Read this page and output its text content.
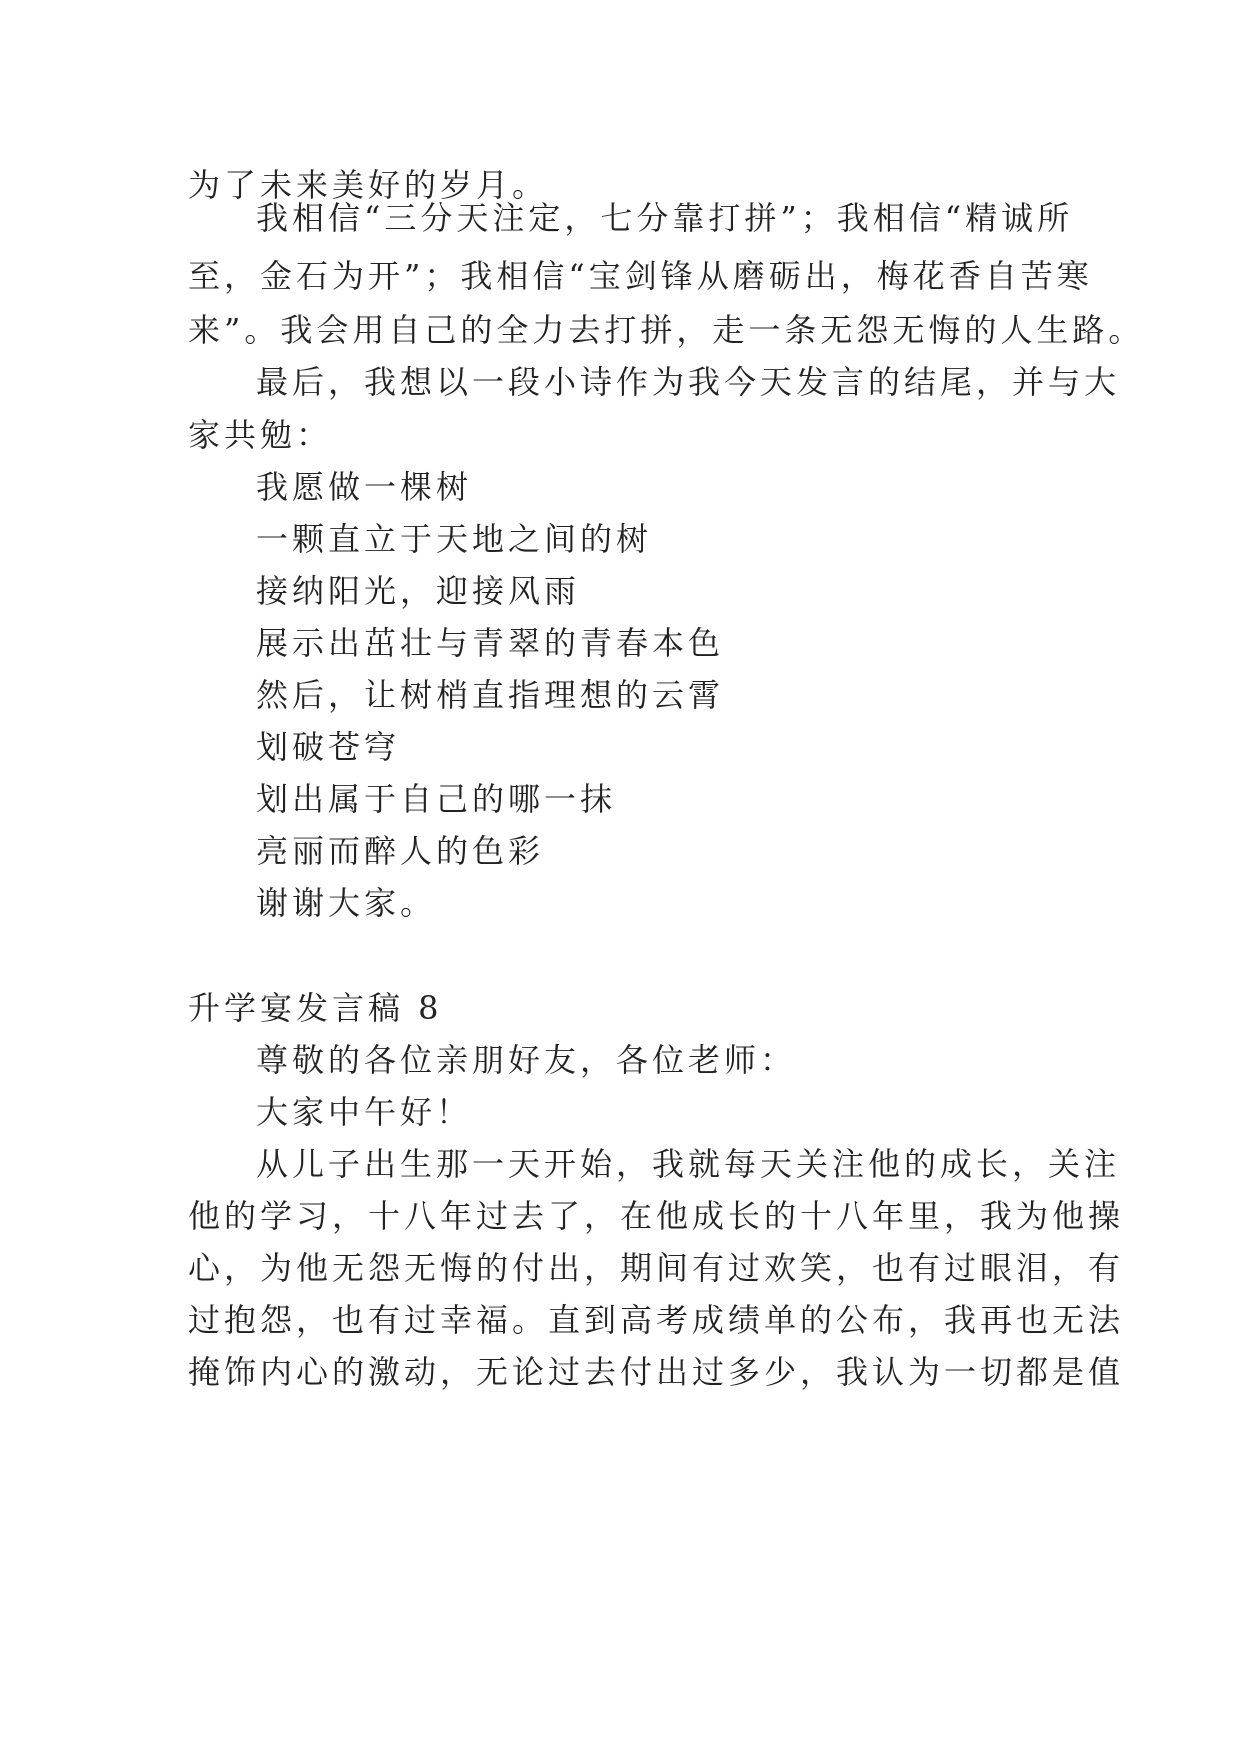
为了未来美好的岁月。
我相信“三分天注定，七分靠打拼”；我相信“精诚所
至，金石为开”；我相信“宝剑锋从磨砺出，梅花香自苦寒
来”。我会用自己的全力去打拼，走一条无怨无悔的人生路。
最后，我想以一段小诗作为我今天发言的结尾，并与大
家共勉：
我愿做一棵树
一颗直立于天地之间的树
接纳阳光，迎接风雨
展示出茁壮与青翠的青春本色
然后，让树梢直指理想的云霄
划破苍穹
划出属于自己的哪一抹
亮丽而醉人的色彩
谢谢大家。
升学宴发言稿 8
尊敬的各位亲朋好友，各位老师：
大家中午好！
从儿子出生那一天开始，我就每天关注他的成长，关注
他的学习，十八年过去了，在他成长的十八年里，我为他操
心，为他无怨无悔的付出，期间有过欢笑，也有过眼泪，有
过抱怨，也有过幸福。直到高考成绩单的公布，我再也无法
掩饰内心的激动，无论过去付出过多少，我认为一切都是值
